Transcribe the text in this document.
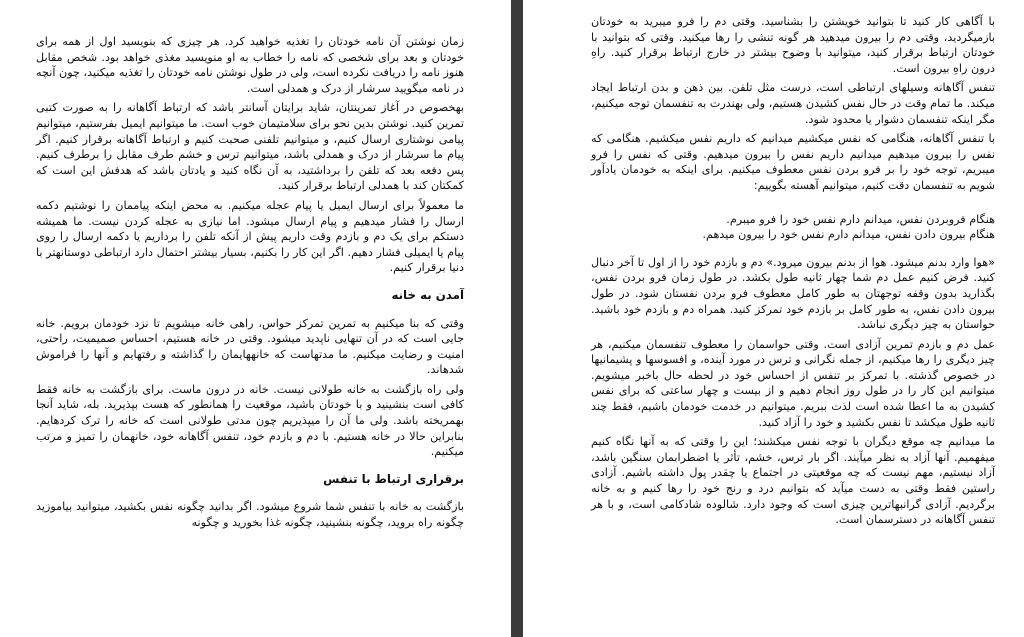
زمان نوشتن آن نامه خودتان را تغذیه خواهید کرد. هر چیزی که بنویسید اول از همه برای خودتان و بعد برای شخصی که نامه را خطاب به او منویسید مغذی خواهد بود. شخص مقابل هنوز نامه را دریافت نکرده است، ولی در طول نوشتن نامه خودتان را تغذیه میکنید، چون آنچه در نامه میگویید سرشار از درک و همدلی است.

بهخصوص در آغاز تمرینتان، شاید برایتان آسانتر باشد که ارتباط آگاهانه را به صورت کتبی تمرین کنید. نوشتن بدین نحو برای سلامتیمان خوب است. ما میتوانیم ایمیل بفرستیم، میتوانیم پیامی نوشتاری ارسال کنیم، و میتوانیم تلفنی صحبت کنیم و ارتباط آگاهانه برقرار کنیم. اگر پیام ما سرشار از درک و همدلی باشد، میتوانیم ترس و خشم طرف مقابل را برطرف کنیم. پس دفعه بعد که تلفن را برداشتید، به آن نگاه کنید و یادتان باشد که هدفش این است که کمکتان کند با همدلی ارتباط برقرار کنید.

ما معمولاً برای ارسال ایمیل یا پیام عجله میکنیم. به محض اینکه پیاممان را نوشتیم دکمه ارسال را فشار میدهیم و پیام ارسال میشود. اما نیازی به عجله کردن نیست. ما همیشه دستکم برای یک دم و بازدم وقت داریم پیش از آنکه تلفن را برداریم یا دکمه ارسال را روی پیام یا ایمیلی فشار دهیم. اگر این کار را بکنیم، بسیار بیشتر احتمال دارد ارتباطی دوستانهتر با دنیا برقرار کنیم.

آمدن به خانه

وقتی که بنا میکنیم به تمرین تمرکز حواس، راهی خانه میشویم تا نزد خودمان برویم. خانه جایی است که در آن تنهایی ناپدید میشود. وقتی در خانه هستیم، احساس صمیمیت، راحتی، امنیت و رضایت میکنیم. ما مدتهاست که خانههایمان را گذاشته و رفتهایم و آنها را فراموش شدهاند.

ولی راه بازگشت به خانه طولانی نیست. خانه در درون ماست. برای بازگشت به خانه فقط کافی است بنشینید و با خودتان باشید، موقعیت را همانطور که هست بپذیرید. بله، شاید آنجا بهمریخته باشد. ولی ما آن را میپذیریم چون مدتی طولانی است که خانه را ترک کردهایم. بنابراین حالا در خانه هستیم. با دم و بازدم خود، تنفس آگاهانه خود، خانهمان را تمیز و مرتب میکنیم.

برقراری ارتباط با تنفس

بازگشت به خانه با تنفس شما شروع میشود. اگر بدانید چگونه نفس بکشید، میتوانید بیاموزید چگونه راه بروید، چگونه بنشینید، چگونه غذا بخورید و چگونه

با آگاهی کار کنید تا بتوانید خویشتن را بشناسید. وقتی دم را فرو میبرید به خودتان بازمیگردید، وقتی دم را بیرون میدهید هر گونه تنشی را رها میکنید. وقتی که بتوانید با خودتان ارتباط برقرار کنید، میتوانید با وضوح بیشتر در خارج ارتباط برقرار کنید. راهِ درون راهِ بیرون است.

تنفس آگاهانه وسیلهای ارتباطی است، درست مثل تلفن. بین ذهن و بدن ارتباط ایجاد میکند. ما تمام وقت در حال نفس کشیدن هستیم، ولی بهندرت به تنفسمان توجه میکنیم، مگر اینکه تنفسمان دشوار یا محدود شود.

با تنفس آگاهانه، هنگامی که نفس میکشیم میدانیم که داریم نفس میکشیم. هنگامی که نفس را بیرون میدهیم میدانیم داریم نفس را بیرون میدهیم. وقتی که نفس را فرو میبریم، توجه خود را بر فرو بردن نفس معطوف میکنیم. برای اینکه به خودمان یادآور شویم به تنفسمان دقت کنیم، میتوانیم آهسته بگوییم:

هنگام فروبردن نفس، میدانم دارم نفس خود را فرو میبرم.

هنگام بیرون دادن نفس، میدانم دارم نفس خود را بیرون میدهم.

«هوا وارد بدنم میشود. هوا از بدنم بیرون میرود.» دم و بازدم خود را از اول تا آخر دنبال کنید. فرض کنیم عمل دم شما چهار ثانیه طول بکشد. در طول زمان فرو بردن نفس، بگذارید بدون وقفه توجهتان به طور کامل معطوف فرو بردن نفستان شود. در طول بیرون دادن نفس، به طور کامل بر بازدم خود تمرکز کنید. همراه دم و بازدم خود باشید. حواستان به چیز دیگری نباشد.

عمل دم و بازدم تمرین آزادی است. وقتی حواسمان را معطوف تنفسمان میکنیم، هر چیز دیگری را رها میکنیم، از جمله نگرانی و ترس در مورد آینده، و افسوسها و پشیمانیها در خصوص گذشته. با تمرکز بر تنفس از احساس خود در لحظه حال باخبر میشویم. میتوانیم این کار را در طول روز انجام دهیم و از بیست و چهار ساعتی که برای نفس کشیدن به ما اعطا شده است لذت ببریم. میتوانیم در خدمت خودمان باشیم، فقط چند ثانیه طول میکشد تا نفس بکشید و خود را آزاد کنید.

ما میدانیم چه موقع دیگران با توجه نفس میکشند؛ این را وقتی که به آنها نگاه کنیم میفهمیم. آنها آزاد به نظر میآیند. اگر بار ترس، خشم، تأثر یا اضطرابمان سنگین باشد، آزاد نیستیم، مهم نیست که چه موقعیتی در اجتماع یا چقدر پول داشته باشیم. آزادی راستین فقط وقتی به دست میآید که بتوانیم درد و رنج خود را رها کنیم و به خانه برگردیم. آزادی گرانبهاترین چیزی است که وجود دارد. شالوده شادکامی است، و با هر تنفس آگاهانه در دسترسمان است.
